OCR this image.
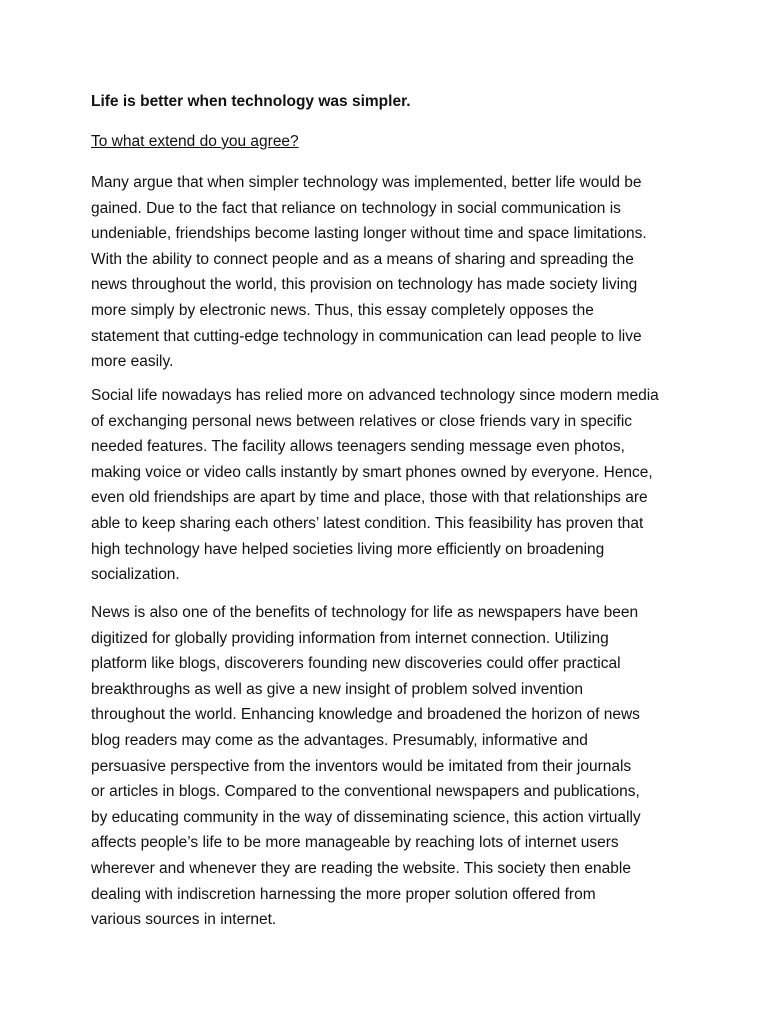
Life is better when technology was simpler.
To what extend do you agree?
Many argue that when simpler technology was implemented, better life would be
gained. Due to the fact that reliance on technology in social communication is
undeniable, friendships become lasting longer without time and space limitations.
With the ability to connect people and as a means of sharing and spreading the
news throughout the world, this provision on technology has made society living
more simply by electronic news. Thus, this essay completely opposes the
statement that cutting-edge technology in communication can lead people to live
more easily.
Social life nowadays has relied more on advanced technology since modern media
of exchanging personal news between relatives or close friends vary in specific
needed features. The facility allows teenagers sending message even photos,
making voice or video calls instantly by smart phones owned by everyone. Hence,
even old friendships are apart by time and place, those with that relationships are
able to keep sharing each others’ latest condition. This feasibility has proven that
high technology have helped societies living more efficiently on broadening
socialization.
News is also one of the benefits of technology for life as newspapers have been
digitized for globally providing information from internet connection. Utilizing
platform like blogs, discoverers founding new discoveries could offer practical
breakthroughs as well as give a new insight of problem solved invention
throughout the world. Enhancing knowledge and broadened the horizon of news
blog readers may come as the advantages. Presumably, informative and
persuasive perspective from the inventors would be imitated from their journals
or articles in blogs. Compared to the conventional newspapers and publications,
by educating community in the way of disseminating science, this action virtually
affects people’s life to be more manageable by reaching lots of internet users
wherever and whenever they are reading the website. This society then enable
dealing with indiscretion harnessing the more proper solution offered from
various sources in internet.
